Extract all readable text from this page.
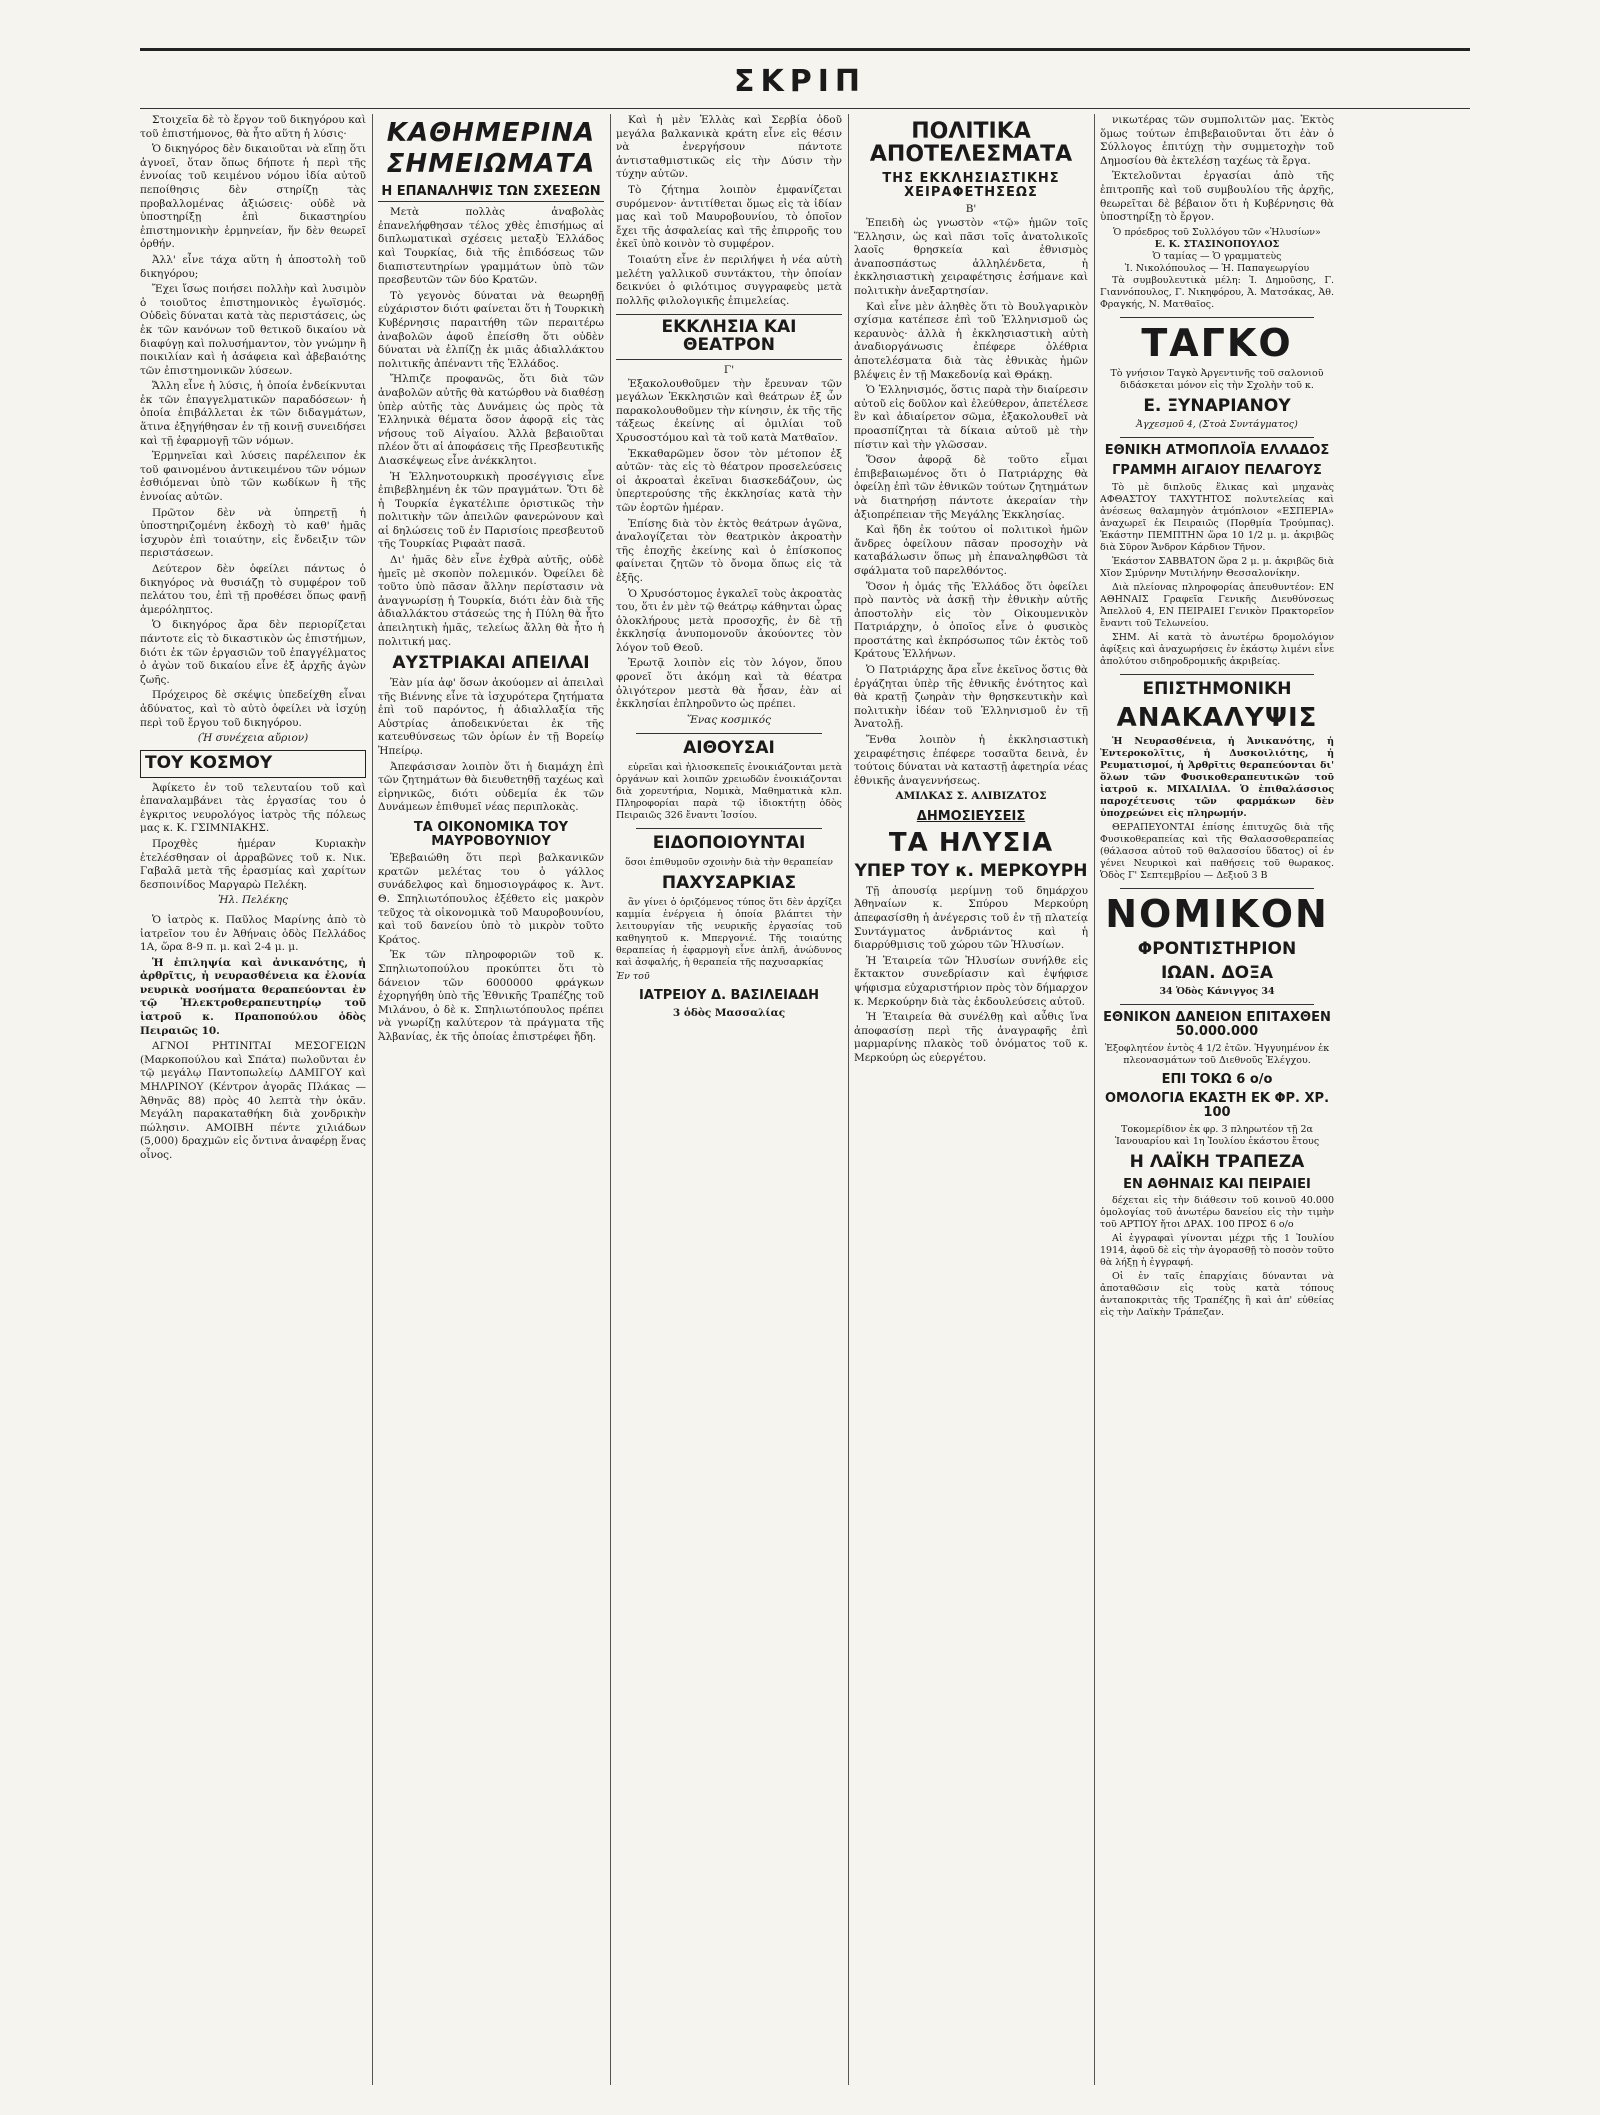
ΣΚΡΙΠ

Στοιχεῖα δὲ τὸ ἔργον τοῦ δικηγόρου καὶ τοῦ ἐπιστήμονος, θὰ ἦτο αὕτη ἡ λύσις·

Ὁ δικηγόρος δὲν δικαιοῦται νὰ εἴπῃ ὅτι ἀγνοεῖ, ὅταν ὅπως δήποτε ἡ περὶ τῆς ἐννοίας τοῦ κειμένου νόμου ἰδία αὐτοῦ πεποίθησις δὲν στηρίζῃ τὰς προβαλλομένας ἀξιώσεις· οὐδὲ νὰ ὑποστηρίξῃ ἐπὶ δικαστηρίου ἐπιστημονικὴν ἑρμηνείαν, ἥν δὲν θεωρεῖ ὀρθήν.

Ἀλλ' εἶνε τάχα αὕτη ἡ ἀποστολὴ τοῦ δικηγόρου;

Ἔχει ἴσως ποιήσει πολλὴν καὶ λυσιμὸν ὁ τοιοῦτος ἐπιστημονικὸς ἐγωϊσμός. Οὐδεὶς δύναται κατὰ τὰς περιστάσεις, ὡς ἐκ τῶν κανόνων τοῦ θετικοῦ δικαίου νὰ διαφύγῃ καὶ πολυσήμαντον, τὸν γνώμην ἢ ποικιλίαν καὶ ἡ ἀσάφεια καὶ ἀβεβαιότης τῶν ἐπιστημονικῶν λύσεων.

Ἄλλη εἶνε ἡ λύσις, ἡ ὁποία ἐνδείκνυται ἐκ τῶν ἐπαγγελματικῶν παραδόσεων· ἡ ὁποία ἐπιβάλλεται ἐκ τῶν διδαγμάτων, ἅτινα ἐξηγήθησαν ἐν τῇ κοινῇ συνειδήσει καὶ τῇ ἐφαρμογῇ τῶν νόμων.

Ἑρμηνεῖαι καὶ λύσεις παρέλειπον ἐκ τοῦ φαινομένου ἀντικειμένου τῶν νόμων ἐσθιόμεναι ὑπὸ τῶν κωδίκων ἢ τῆς ἐννοίας αὐτῶν.

Πρῶτον δὲν νὰ ὑπηρετῇ ἡ ὑποστηριζομένη ἐκδοχὴ τὸ καθ' ἡμᾶς ἰσχυρὸν ἐπὶ τοιαύτην, εἰς ἔνδειξιν τῶν περιστάσεων.

Δεύτερον δὲν ὀφείλει πάντως ὁ δικηγόρος νὰ θυσιάζῃ τὸ συμφέρον τοῦ πελάτου του, ἐπὶ τῇ προθέσει ὅπως φανῇ ἀμερόληπτος.

Ὁ δικηγόρος ἄρα δὲν περιορίζεται πάντοτε εἰς τὸ δικαστικὸν ὡς ἐπιστήμων, διότι ἐκ τῶν ἐργασιῶν τοῦ ἐπαγγέλματος ὁ ἀγὼν τοῦ δικαίου εἶνε ἐξ ἀρχῆς ἀγὼν ζωῆς.

Πρόχειρος δὲ σκέψις ὑπεδείχθη εἶναι ἀδύνατος, καὶ τὸ αὐτὸ ὀφείλει νὰ ἰσχύῃ περὶ τοῦ ἔργου τοῦ δικηγόρου.

(Ἡ συνέχεια αὔριον)
ΤΟΥ ΚΟΣΜΟΥ

Ἀφίκετο ἐν τοῦ τελευταίου τοῦ καὶ ἐπαναλαμβάνει τὰς ἐργασίας του ὁ ἐγκριτος νευρολόγος ἰατρὸς τῆς πόλεως μας κ. Κ. ΓΣΙΜΝΙΑΚΗΣ.

Προχθὲς ἡμέραν Κυριακὴν ἐτελέσθησαν οἱ ἀρραβῶνες τοῦ κ. Νικ. Γαβαλᾶ μετὰ τῆς ἐρασμίας καὶ χαρίτων δεσποινίδος Μαργαρὼ Πελέκη.

Ἠλ. Πελέκης

Ὁ ἰατρὸς κ. Παῦλος Μαρίνης ἀπὸ τὸ ἰατρεῖον του ἐν Ἀθήναις ὁδὸς Πελλάδος 1Α, ὥρα 8-9 π. μ. καὶ 2-4 μ. μ.

Ἡ ἐπιληψία καὶ ἀνικανότης, ἡ ἀρθρῖτις, ἡ νευρασθένεια κα ἐλονία νευρικὰ νοσήματα θεραπεύονται ἐν τῷ Ἠλεκτροθεραπευτηρίῳ τοῦ ἰατροῦ κ. Πραποπούλου ὁδὸς Πειραιῶς 10.

ΑΓΝΟΙ ΡΗΤΙΝΙΤΑΙ ΜΕΣΟΓΕΙΩΝ (Μαρκοπούλου καὶ Σπάτα) πωλοῦνται ἐν τῷ μεγάλῳ Παντοπωλείῳ ΔΑΜΙΓΟΥ καὶ ΜΗΛΡΙΝΟΥ (Κέντρον ἀγορᾶς Πλάκας — Ἀθηνᾶς 88) πρὸς 40 λεπτὰ τὴν ὀκᾶν. Μεγάλη παρακαταθήκη διὰ χονδρικὴν πώλησιν. ΑΜΟΙΒΗ πέντε χιλιάδων (5,000) δραχμῶν εἰς ὄντινα ἀναφέρῃ ἕνας οἶνος.

ΚΑΘΗΜΕΡΙΝΑ
ΣΗΜΕΙΩΜΑΤΑ
Η ΕΠΑΝΑΛΗΨΙΣ ΤΩΝ ΣΧΕΣΕΩΝ

Μετὰ πολλὰς ἀναβολὰς ἐπανελήφθησαν τέλος χθὲς ἐπισήμως αἱ διπλωματικαὶ σχέσεις μεταξὺ Ἑλλάδος καὶ Τουρκίας, διὰ τῆς ἐπιδόσεως τῶν διαπιστευτηρίων γραμμάτων ὑπὸ τῶν πρεσβευτῶν τῶν δύο Κρατῶν.

Τὸ γεγονὸς δύναται νὰ θεωρηθῇ εὐχάριστον διότι φαίνεται ὅτι ἡ Τουρκικὴ Κυβέρνησις παραιτήθη τῶν περαιτέρω ἀναβολῶν ἀφοῦ ἐπείσθη ὅτι οὐδὲν δύναται νὰ ἐλπίζῃ ἐκ μιᾶς ἀδιαλλάκτου πολιτικῆς ἀπέναντι τῆς Ἑλλάδος.

Ἤλπιζε προφανῶς, ὅτι διὰ τῶν ἀναβολῶν αὐτῆς θὰ κατώρθου νὰ διαθέσῃ ὑπὲρ αὐτῆς τὰς Δυνάμεις ὡς πρὸς τὰ Ἑλληνικὰ θέματα ὅσον ἀφορᾷ εἰς τὰς νήσους τοῦ Αἰγαίου. Ἀλλὰ βεβαιοῦται πλέον ὅτι αἱ ἀποφάσεις τῆς Πρεσβευτικῆς Διασκέψεως εἶνε ἀνέκκλητοι.

Ἡ Ἑλληνοτουρκικὴ προσέγγισις εἶνε ἐπιβεβλημένη ἐκ τῶν πραγμάτων. Ὅτι δὲ ἡ Τουρκία ἐγκατέλιπε ὁριστικῶς τὴν πολιτικὴν τῶν ἀπειλῶν φανερώνουν καὶ αἱ δηλώσεις τοῦ ἐν Παρισίοις πρεσβευτοῦ τῆς Τουρκίας Ριφαὰτ πασᾶ.

Δι' ἡμᾶς δὲν εἶνε ἐχθρὰ αὐτῆς, οὐδὲ ἡμεῖς μὲ σκοπὸν πολεμικόν. Ὀφείλει δὲ τοῦτο ὑπὸ πᾶσαν ἄλλην περίστασιν νὰ ἀναγνωρίσῃ ἡ Τουρκία, διότι ἐὰν διὰ τῆς ἀδιαλλάκτου στάσεώς της ἡ Πύλη θὰ ἦτο ἀπειλητικὴ ἡμᾶς, τελείως ἄλλη θὰ ἦτο ἡ πολιτική μας.

ΑΥΣΤΡΙΑΚΑΙ ΑΠΕΙΛΑΙ

Ἐὰν μία ἀφ' ὅσων ἀκούομεν αἱ ἀπειλαὶ τῆς Βιέννης εἶνε τὰ ἰσχυρότερα ζητήματα ἐπὶ τοῦ παρόντος, ἡ ἀδιαλλαξία τῆς Αὐστρίας ἀποδεικνύεται ἐκ τῆς κατευθύνσεως τῶν ὁρίων ἐν τῇ Βορείῳ Ἠπείρῳ.

Ἀπεφάσισαν λοιπὸν ὅτι ἡ διαμάχη ἐπὶ τῶν ζητημάτων θὰ διευθετηθῇ ταχέως καὶ εἰρηνικῶς, διότι οὐδεμία ἐκ τῶν Δυνάμεων ἐπιθυμεῖ νέας περιπλοκὰς.

ΤΑ ΟΙΚΟΝΟΜΙΚΑ ΤΟΥ ΜΑΥΡΟΒΟΥΝΙΟΥ

Ἐβεβαιώθη ὅτι περὶ βαλκανικῶν κρατῶν μελέτας του ὁ γάλλος συνάδελφος καὶ δημοσιογράφος κ. Ἀντ. Θ. Σπηλιωτόπουλος ἐξέθετο εἰς μακρὸν τεῦχος τὰ οἰκονομικὰ τοῦ Μαυροβουνίου, καὶ τοῦ δανείου ὑπὸ τὸ μικρὸν τοῦτο Κράτος.

Ἐκ τῶν πληροφοριῶν τοῦ κ. Σπηλιωτοπούλου προκύπτει ὅτι τὸ δάνειον τῶν 6000000 φράγκων ἐχορηγήθη ὑπὸ τῆς Ἐθνικῆς Τραπέζης τοῦ Μιλάνου, ὁ δὲ κ. Σπηλιωτόπουλος πρέπει νὰ γνωρίζῃ καλύτερον τὰ πράγματα τῆς Ἀλβανίας, ἐκ τῆς ὁποίας ἐπιστρέφει ἤδη.

Καὶ ἡ μὲν Ἑλλὰς καὶ Σερβία ὁδοῦ μεγάλα βαλκανικὰ κράτη εἶνε εἰς θέσιν νὰ ἐνεργήσουν πάντοτε ἀντισταθμιστικῶς εἰς τὴν Δύσιν τὴν τύχην αὐτῶν.

Τὸ ζήτημα λοιπὸν ἐμφανίζεται συρόμενον· ἀντιτίθεται ὅμως εἰς τὰ ἰδίαν μας καὶ τοῦ Μαυροβουνίου, τὸ ὁποῖον ἔχει τῆς ἀσφαλείας καὶ τῆς ἐπιρροῆς του ἐκεῖ ὑπὸ κοινὸν τὸ συμφέρον.

Τοιαύτη εἶνε ἐν περιλήψει ἡ νέα αὐτὴ μελέτη γαλλικοῦ συντάκτου, τὴν ὁποίαν δεικνύει ὁ φιλότιμος συγγραφεὺς μετὰ πολλῆς φιλολογικῆς ἐπιμελείας.

ΕΚΚΛΗΣΙΑ ΚΑΙ ΘΕΑΤΡΟΝ
Γ'

Ἐξακολουθοῦμεν τὴν ἔρευναν τῶν μεγάλων Ἐκκλησιῶν καὶ θεάτρων ἐξ ὧν παρακολουθοῦμεν τὴν κίνησιν, ἐκ τῆς τῆς τάξεως ἐκείνης αἱ ὁμιλίαι τοῦ Χρυσοστόμου καὶ τὰ τοῦ κατὰ Ματθαῖον.

Ἐκκαθαρῶμεν ὅσον τὸν μέτοπον ἐξ αὐτῶν· τὰς εἰς τὸ θέατρον προσελεύσεις οἱ ἀκροαταὶ ἐκεῖναι διασκεδάζουν, ὡς ὑπερτερούσης τῆς ἐκκλησίας κατὰ τὴν τῶν ἑορτῶν ἡμέραν.

Ἐπίσης διὰ τὸν ἐκτὸς θεάτρων ἀγῶνα, ἀναλογίζεται τὸν θεατρικὸν ἀκροατὴν τῆς ἐποχῆς ἐκείνης καὶ ὁ ἐπίσκοπος φαίνεται ζητῶν τὸ ὄνομα ὅπως εἰς τὰ ἑξῆς.

Ὁ Χρυσόστομος ἐγκαλεῖ τοὺς ἀκροατὰς του, ὅτι ἐν μὲν τῷ θεάτρῳ κάθηνται ὧρας ὁλοκλήρους μετὰ προσοχῆς, ἐν δὲ τῇ ἐκκλησίᾳ ἀνυπομονοῦν ἀκούοντες τὸν λόγον τοῦ Θεοῦ.

Ἐρωτᾷ λοιπὸν εἰς τὸν λόγον, ὅπου φρονεῖ ὅτι ἀκόμη καὶ τὰ θέατρα ὀλιγότερον μεστὰ θὰ ἦσαν, ἐὰν αἱ ἐκκλησίαι ἐπληροῦντο ὡς πρέπει.

Ἕνας κοσμικός
ΑΙΘΟΥΣΑΙ

εὐρεῖαι καὶ ἡλιοσκεπεῖς ἐνοικιάζονται μετὰ ὀργάνων καὶ λοιπῶν χρειωδῶν ἐνοικιάζονται διὰ χορευτήρια, Νομικὰ, Μαθηματικὰ κλπ. Πληροφορίαι παρὰ τῷ ἰδιοκτήτῃ ὁδὸς Πειραιῶς 326 ἔναντι Ἰσσίου.

ΕΙΔΟΠΟΙΟΥΝΤΑΙ
ὅσοι ἐπιθυμοῦν σχοινὴν διὰ τὴν θεραπείαν
ΠΑΧΥΣΑΡΚΙΑΣ

ἂν γίνει ὁ ὁριζόμενος τύπος ὅτι δὲν ἀρχίζει καμμία ἐνέργεια ἡ ὁποία βλάπτει τὴν λειτουργίαν τῆς νευρικῆς ἐργασίας τοῦ καθηγητοῦ κ. Μπεργονιέ. Τῆς τοιαύτης θεραπείας ἡ ἐφαρμογὴ εἶνε ἁπλῆ, ἀνώδυνος καὶ ἀσφαλής, ἡ θεραπεία τῆς παχυσαρκίας

Ἐν τοῦ
ΙΑΤΡΕΙΟΥ Δ. ΒΑΣΙΛΕΙΑΔΗ
3 ὁδὸς Μασσαλίας
ΠΟΛΙΤΙΚΑ ΑΠΟΤΕΛΕΣΜΑΤΑ
ΤΗΣ ΕΚΚΛΗΣΙΑΣΤΙΚΗΣ ΧΕΙΡΑΦΕΤΗΣΕΩΣ
Β'

Ἐπειδὴ ὡς γνωστὸν «τῷ» ἡμῶν τοῖς Ἕλλησιν, ὡς καὶ πᾶσι τοῖς ἀνατολικοῖς λαοῖς θρησκεία καὶ ἐθνισμὸς ἀναποσπάστως ἀλληλένδετα, ἡ ἐκκλησιαστικὴ χειραφέτησις ἐσήμανε καὶ πολιτικὴν ἀνεξαρτησίαν.

Καὶ εἶνε μὲν ἀληθὲς ὅτι τὸ Βουλγαρικὸν σχίσμα κατέπεσε ἐπὶ τοῦ Ἑλληνισμοῦ ὡς κεραυνὸς· ἀλλὰ ἡ ἐκκλησιαστικὴ αὐτὴ ἀναδιοργάνωσις ἐπέφερε ὀλέθρια ἀποτελέσματα διὰ τὰς ἐθνικὰς ἡμῶν βλέψεις ἐν τῇ Μακεδονίᾳ καὶ Θράκῃ.

Ὁ Ἑλληνισμός, ὅστις παρὰ τὴν διαίρεσιν αὐτοῦ εἰς δοῦλον καὶ ἐλεύθερον, ἀπετέλεσε ἓν καὶ ἀδιαίρετον σῶμα, ἐξακολουθεῖ νὰ προασπίζηται τὰ δίκαια αὐτοῦ μὲ τὴν πίστιν καὶ τὴν γλῶσσαν.

Ὅσον ἀφορᾷ δὲ τοῦτο εἶμαι ἐπιβεβαιωμένος ὅτι ὁ Πατριάρχης θὰ ὀφείλῃ ἐπὶ τῶν ἐθνικῶν τούτων ζητημάτων νὰ διατηρήσῃ πάντοτε ἀκεραίαν τὴν ἀξιοπρέπειαν τῆς Μεγάλης Ἐκκλησίας.

Καὶ ἤδη ἐκ τούτου οἱ πολιτικοὶ ἡμῶν ἄνδρες ὀφείλουν πᾶσαν προσοχὴν νὰ καταβάλωσιν ὅπως μὴ ἐπαναληφθῶσι τὰ σφάλματα τοῦ παρελθόντος.

Ὅσον ἡ ὁμάς τῆς Ἐλλάδος ὅτι ὀφείλει πρὸ παντὸς νὰ ἀσκῇ τὴν ἐθνικὴν αὐτῆς ἀποστολὴν εἰς τὸν Οἰκουμενικὸν Πατριάρχην, ὁ ὁποῖος εἶνε ὁ φυσικὸς προστάτης καὶ ἐκπρόσωπος τῶν ἐκτὸς τοῦ Κράτους Ἑλλήνων.

Ὁ Πατριάρχης ἄρα εἶνε ἐκεῖνος ὅστις θὰ ἐργάζηται ὑπὲρ τῆς ἐθνικῆς ἑνότητος καὶ θὰ κρατῇ ζωηρὰν τὴν θρησκευτικὴν καὶ πολιτικὴν ἰδέαν τοῦ Ἑλληνισμοῦ ἐν τῇ Ἀνατολῇ.

Ἔνθα λοιπὸν ἡ ἐκκλησιαστικὴ χειραφέτησις ἐπέφερε τοσαῦτα δεινὰ, ἐν τούτοις δύναται νὰ καταστῇ ἀφετηρία νέας ἐθνικῆς ἀναγεννήσεως.

ΑΜΙΛΚΑΣ Σ. ΑΛΙΒΙΖΑΤΟΣ
ΔΗΜΟΣΙΕΥΣΕΙΣ
ΤΑ ΗΛΥΣΙΑ
ΥΠΕΡ ΤΟΥ κ. ΜΕΡΚΟΥΡΗ

Τῇ ἀπουσίᾳ μερίμνῃ τοῦ δημάρχου Ἀθηναίων κ. Σπύρου Μερκούρη ἀπεφασίσθη ἡ ἀνέγερσις τοῦ ἐν τῇ πλατείᾳ Συντάγματος ἀνδριάντος καὶ ἡ διαρρύθμισις τοῦ χώρου τῶν Ἠλυσίων.

Ἡ Ἐταιρεία τῶν Ἠλυσίων συνήλθε εἰς ἔκτακτον συνεδρίασιν καὶ ἐψήφισε ψήφισμα εὐχαριστήριον πρὸς τὸν δήμαρχον κ. Μερκούρην διὰ τὰς ἐκδουλεύσεις αὐτοῦ.

Ἡ Ἐταιρεία θὰ συνέλθῃ καὶ αὖθις ἵνα ἀποφασίσῃ περὶ τῆς ἀναγραφῆς ἐπὶ μαρμαρίνης πλακὸς τοῦ ὀνόματος τοῦ κ. Μερκούρη ὡς εὐεργέτου.

νικωτέρας τῶν συμπολιτῶν μας. Ἐκτὸς ὅμως τούτων ἐπιβεβαιοῦνται ὅτι ἐὰν ὁ Σύλλογος ἐπιτύχῃ τὴν συμμετοχὴν τοῦ Δημοσίου θὰ ἐκτελέσῃ ταχέως τὰ ἔργα.

Ἐκτελοῦνται ἐργασίαι ἀπὸ τῆς ἐπιτροπῆς καὶ τοῦ συμβουλίου τῆς ἀρχῆς, θεωρεῖται δὲ βέβαιον ὅτι ἡ Κυβέρνησις θὰ ὑποστηρίξῃ τὸ ἔργον.

Ὁ πρόεδρος τοῦ Συλλόγου τῶν «Ἠλυσίων»
Ε. Κ. ΣΤΑΣΙΝΟΠΟΥΛΟΣ
Ὁ ταμίας — Ὁ γραμματεὺς
Ἰ. Νικολόπουλος — Ἡ. Παπαγεωργίου

Τὰ συμβουλευτικὰ μέλη: Ἰ. Δημοῦσης, Γ. Γιαννόπουλος, Γ. Νικηφόρου, Ἀ. Ματσάκας, Ἀθ. Φραγκής, Ν. Ματθαῖος.

ΤΑΓΚΟ
Τὸ γνήσιον Ταγκὸ Ἀργεντινῆς τοῦ σαλονιοῦ διδάσκεται μόνον εἰς τὴν Σχολὴν τοῦ κ.
Ε. ΞΥΝΑΡΙΑΝΟΥ
Ἀγχεσμοῦ 4, (Στοὰ Συντάγματος)
ΕΘΝΙΚΗ ΑΤΜΟΠΛΟΪΑ ΕΛΛΑΔΟΣ
ΓΡΑΜΜΗ ΑΙΓΑΙΟΥ ΠΕΛΑΓΟΥΣ

Τὸ μὲ διπλοῦς ἕλικας καὶ μηχανὰς ΑΦΘΑΣΤΟΥ ΤΑΧΥΤΗΤΟΣ πολυτελείας καὶ ἀνέσεως θαλαμηγὸν ἀτμόπλοιον «ΕΣΠΕΡΙΑ» ἀναχωρεῖ ἐκ Πειραιῶς (Πορθμία Τρούμπας). Ἑκάστην ΠΕΜΠΤΗΝ ὥρα 10 1/2 μ. μ. ἀκριβῶς διὰ Σῦρον Ἄνδρον Κάρδιον Τῆνον.

Ἑκάστον ΣΑΒΒΑΤΟΝ ὥρα 2 μ. μ. ἀκριβῶς διὰ Χῖον Σμύρνην Μυτιλήνην Θεσσαλονίκην.

Διὰ πλείονας πληροφορίας ἀπευθυντέον: ΕΝ ΑΘΗΝΑΙΣ Γραφεῖα Γενικῆς Διευθύνσεως Ἀπελλοῦ 4, ΕΝ ΠΕΙΡΑΙΕΙ Γενικὸν Πρακτορεῖον ἔναντι τοῦ Τελωνείου.

ΣΗΜ. Αἱ κατὰ τὸ ἀνωτέρω δρομολόγιον ἀφίξεις καὶ ἀναχωρήσεις ἐν ἐκάστῳ λιμένι εἶνε ἀπολύτου σιδηροδρομικῆς ἀκριβείας.

ΕΠΙΣΤΗΜΟΝΙΚΗ
ΑΝΑΚΑΛΥΨΙΣ

Ἡ Νευρασθένεια, ἡ Ἀνικανότης, ἡ Ἐντεροκολῖτις, ἡ Δυσκοιλιότης, ἡ Ρευματισμοί, ἡ Ἀρθρῖτις θεραπεύονται δι' ὅλων τῶν Φυσικοθεραπευτικῶν τοῦ ἰατροῦ κ. ΜΙΧΑΙΛΙΔΑ. Ὁ ἐπιθαλάσσιος παροχέτευσις τῶν φαρμάκων δὲν ὑποχρεώνει εἰς πληρωμήν.

ΘΕΡΑΠΕΥΟΝΤΑΙ ἐπίσης ἐπιτυχῶς διὰ τῆς Φυσικοθεραπείας καὶ τῆς Θαλασσοθεραπείας (θάλασσα αὐτοῦ τοῦ θαλασσίου ὕδατος) οἱ ἐν γένει Νευρικοὶ καὶ παθήσεις τοῦ θωρακος. Ὁδὸς Γ' Σεπτεμβρίου — Δεξιοῦ 3 Β

ΝΟΜΙΚΟΝ
ΦΡΟΝΤΙΣΤΗΡΙΟΝ
ΙΩΑΝ. ΔΟΞΑ
34 Ὁδὸς Κάνιγγος 34
ΕΘΝΙΚΟΝ ΔΑΝΕΙΟΝ ΕΠΙΤΑΧΘΕΝ 50.000.000
Ἐξοφλητέον ἐντὸς 4 1/2 ἐτῶν. Ἠγγυημένον ἐκ πλεονασμάτων τοῦ Διεθνοῦς Ἐλέγχου.
ΕΠΙ ΤΟΚΩ 6 ο/ο
ΟΜΟΛΟΓΙΑ ΕΚΑΣΤΗ ΕΚ ΦΡ. ΧΡ. 100
Τοκομερίδιον ἐκ φρ. 3 πληρωτέον τῇ 2α Ἰανουαρίου καὶ 1η Ἰουλίου ἑκάστου ἔτους
Η ΛΑΪΚΗ ΤΡΑΠΕΖΑ
ΕΝ ΑΘΗΝΑΙΣ ΚΑΙ ΠΕΙΡΑΙΕΙ

δέχεται εἰς τὴν διάθεσιν τοῦ κοινοῦ 40.000 ὁμολογίας τοῦ ἀνωτέρω δανείου εἰς τὴν τιμὴν τοῦ ΑΡΤΙΟΥ ἤτοι ΔΡΑΧ. 100 ΠΡΟΣ 6 ο/ο

Αἱ ἐγγραφαὶ γίνονται μέχρι τῆς 1 Ἰουλίου 1914, ἀφοῦ δὲ εἰς τὴν ἀγορασθῇ τὸ ποσὸν τοῦτο θὰ λήξῃ ἡ ἐγγραφή.

Οἱ ἐν ταῖς ἐπαρχίαις δύνανται νὰ ἀποταθῶσιν εἰς τοὺς κατὰ τόπους ἀνταποκριτὰς τῆς Τραπέζης ἢ καὶ ἀπ' εὐθείας εἰς τὴν Λαϊκὴν Τράπεζαν.
